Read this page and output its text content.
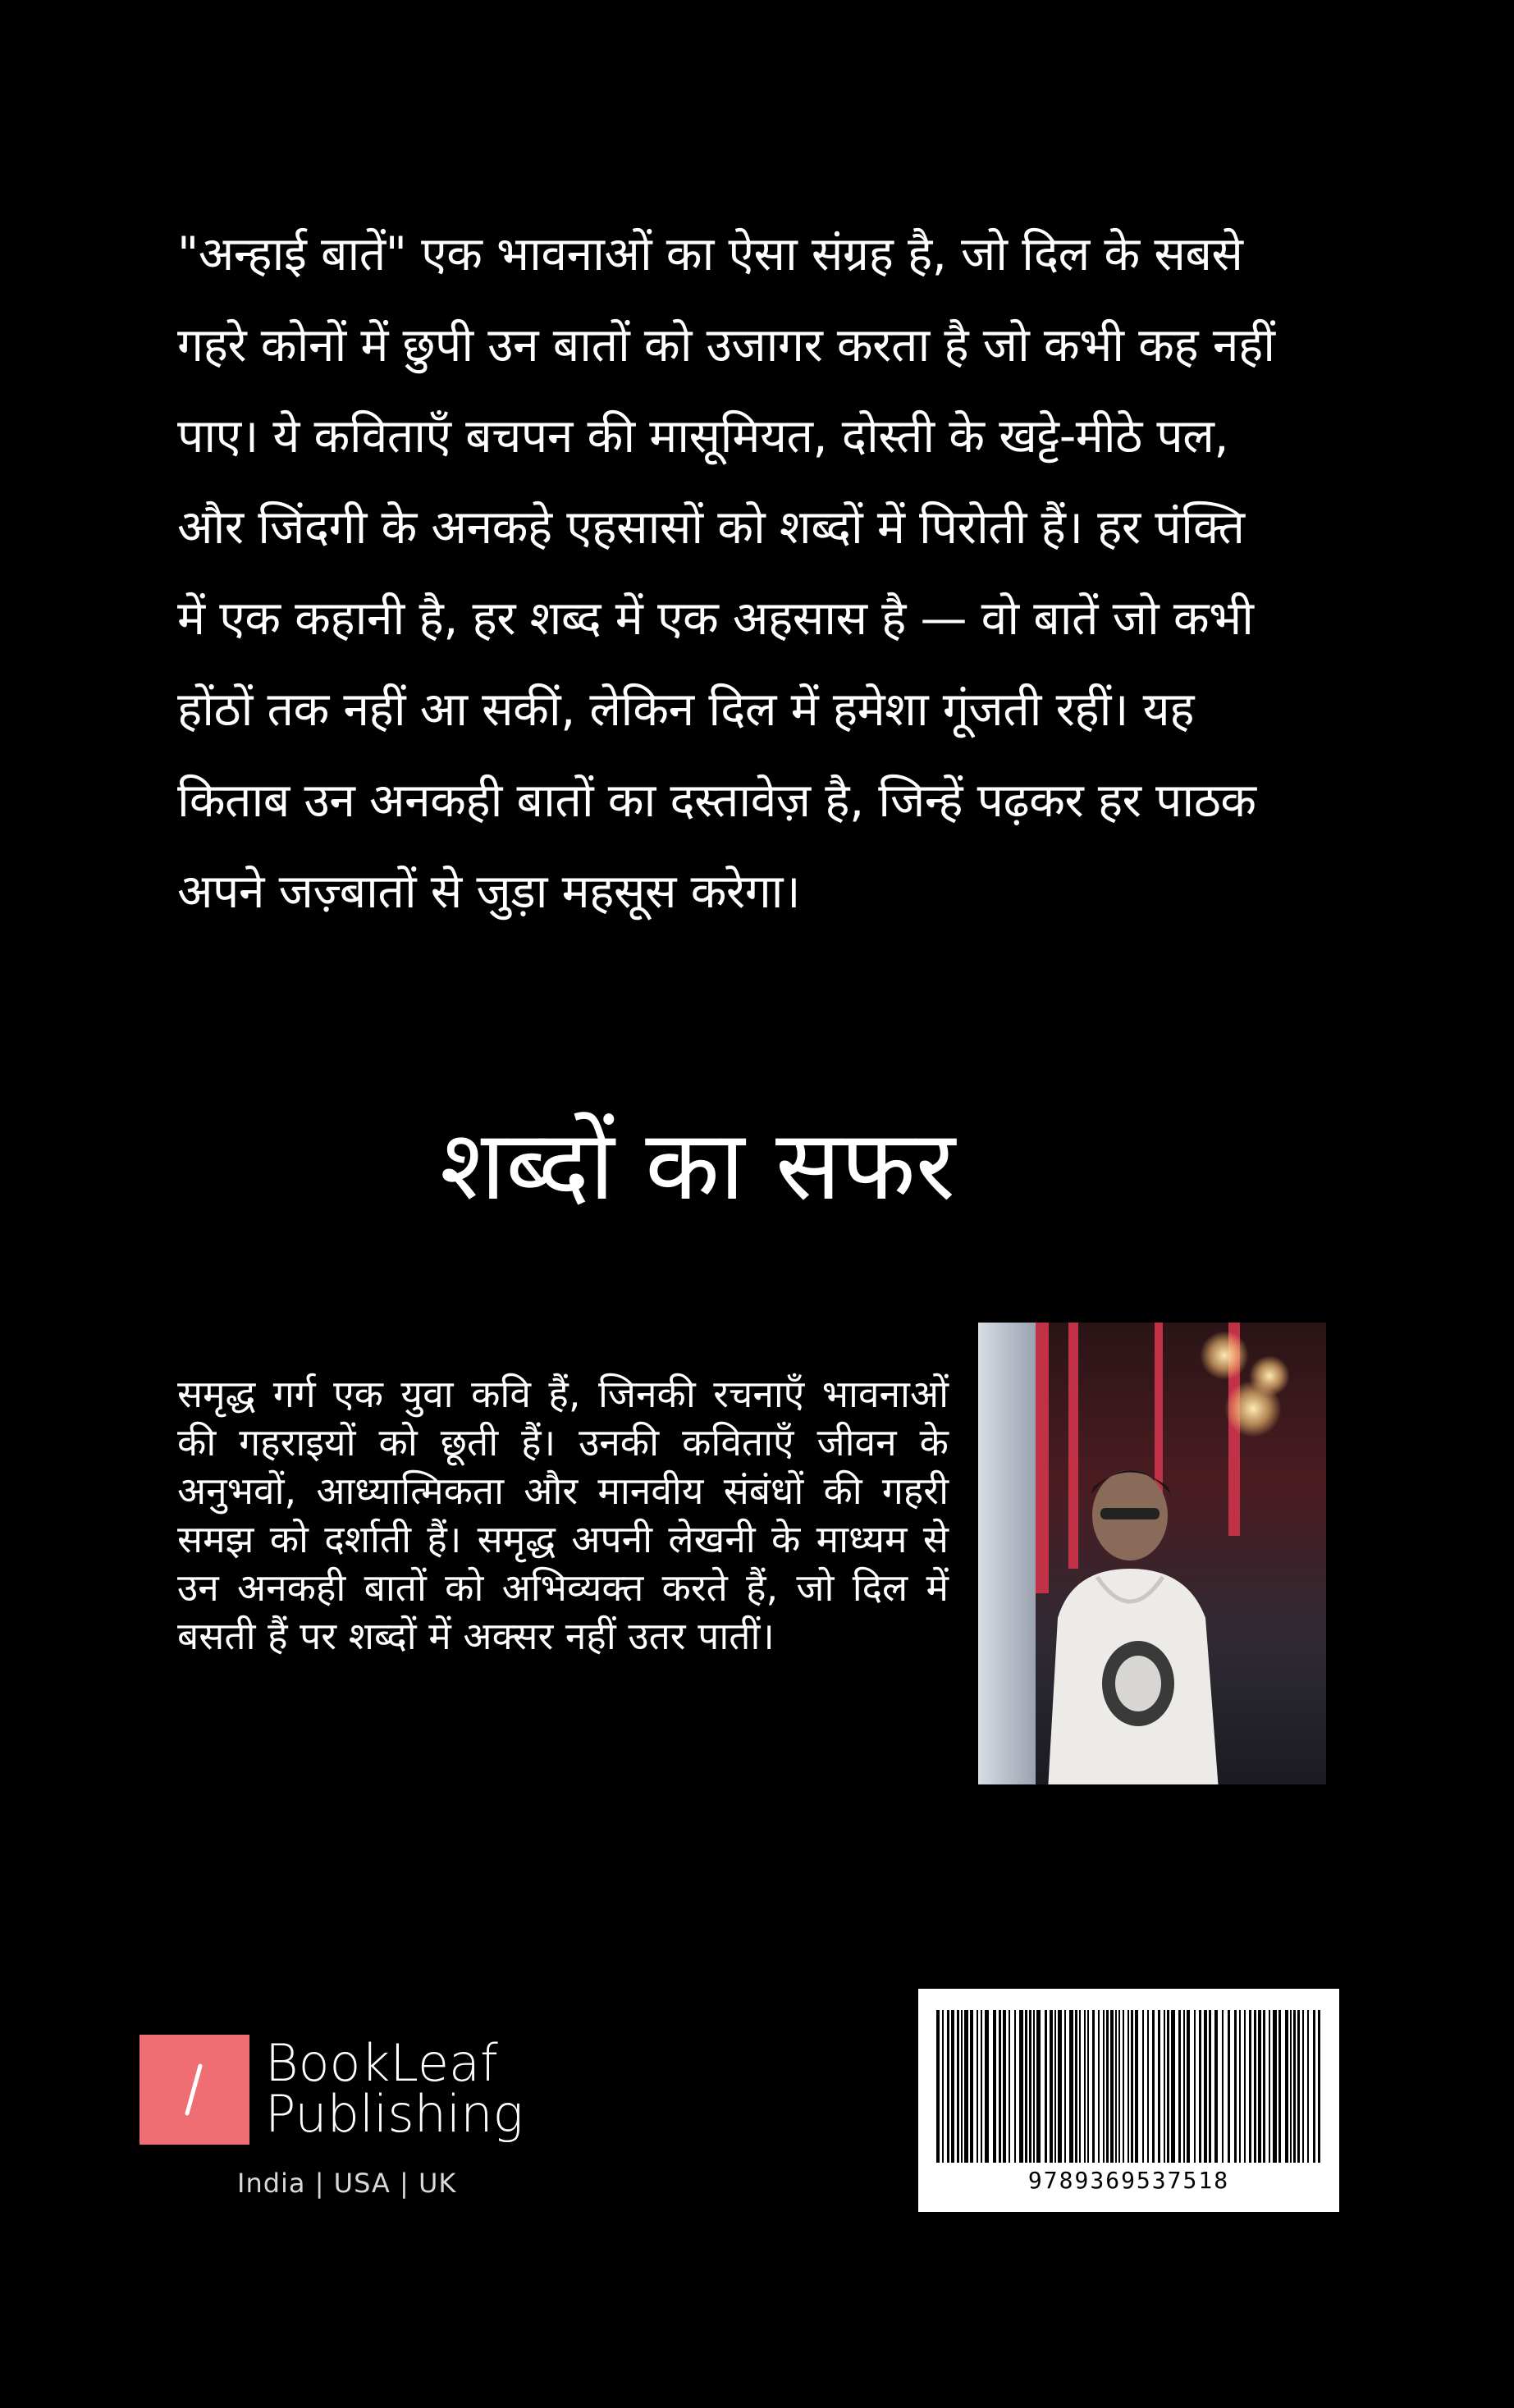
"अन्हाई बातें" एक भावनाओं का ऐसा संग्रह है, जो दिल के सबसे गहरे कोनों में छुपी उन बातों को उजागर करता है जो कभी कह नहीं पाए। ये कविताएँ बचपन की मासूमियत, दोस्ती के खट्टे-मीठे पल, और जिंदगी के अनकहे एहसासों को शब्दों में पिरोती हैं। हर पंक्ति में एक कहानी है, हर शब्द में एक अहसास है — वो बातें जो कभी होंठों तक नहीं आ सकीं, लेकिन दिल में हमेशा गूंजती रहीं। यह किताब उन अनकही बातों का दस्तावेज़ है, जिन्हें पढ़कर हर पाठक अपने जज़्बातों से जुड़ा महसूस करेगा।

शब्दों का सफर
समृद्ध गर्ग एक युवा कवि हैं, जिनकी रचनाएँ भावनाओं की गहराइयों को छूती हैं। उनकी कविताएँ जीवन के अनुभवों, आध्यात्मिकता और मानवीय संबंधों की गहरी समझ को दर्शाती हैं। समृद्ध अपनी लेखनी के माध्यम से उन अनकही बातों को अभिव्यक्त करते हैं, जो दिल में बसती हैं पर शब्दों में अक्सर नहीं उतर पातीं।
BookLeaf
Publishing
India | USA | UK	9789369537518
